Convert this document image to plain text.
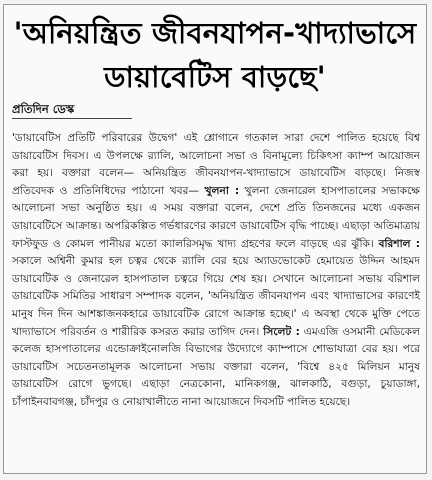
'অনিয়ন্ত্রিত জীবনযাপন-খাদ্যাভাসে
ডায়াবেটিস বাড়ছে'
প্রতিদিন ডেস্ক

'ডায়াবেটিস প্রতিটি পরিবারের উদ্বেগ' এই শ্লোগানে গতকাল সারা দেশে পালিত হয়েছে বিশ্ব ডায়াবেটিস দিবস। এ উপলক্ষে র‍্যালি, আলোচনা সভা ও বিনামূল্যে চিকিৎসা ক্যাম্প আয়োজন করা হয়। বক্তারা বলেন— অনিয়ন্ত্রিত জীবনযাপন-খাদ্যাভাসে ডায়াবেটিস বাড়ছে। নিজস্ব প্রতিবেদক ও প্রতিনিধিদের পাঠানো খবর— খুলনা : খুলনা জেনারেল হাসপাতালের সভাকক্ষে আলোচনা সভা অনুষ্ঠিত হয়। এ সময় বক্তারা বলেন, দেশে প্রতি তিনজনের মধ্যে একজন ডায়াবেটিসে আক্রান্ত। অপরিকল্পিত গর্ভধারণের কারণে ডায়াবেটিস বৃদ্ধি পাচ্ছে। এছাড়া অতিমাত্রায় ফাস্টফুড ও কোমল পানীয়র মতো ক্যালরিসমৃদ্ধ খাদ্য গ্রহণের ফলে বাড়ছে এর ঝুঁকি। বরিশাল : সকালে অশ্বিনী কুমার হল চত্বর থেকে র‍্যালি বের হয়ে অ্যাডভোকেট হেমায়েত উদ্দিন আহমদ ডায়াবেটিক ও জেনারেল হাসপাতাল চত্বরে গিয়ে শেষ হয়। সেখানে আলোচনা সভায় বরিশাল ডায়াবেটিক সমিতির সাধারণ সম্পাদক বলেন, 'অনিয়ন্ত্রিত জীবনযাপন এবং খাদ্যাভাসের কারণেই মানুষ দিন দিন আশঙ্কাজনকহারে ডায়াবেটিক রোগে আক্রান্ত হচ্ছে।' এ অবস্থা থেকে মুক্তি পেতে খাদ্যাভাসে পরিবর্তন ও শারীরিক কসরত করার তাগিদ দেন। সিলেট : এমএজি ওসমানী মেডিকেল কলেজ হাসপাতালের এন্ডোক্রাইনোলজি বিভাগের উদ্যোগে ক্যাম্পাসে শোভাযাত্রা বের হয়। পরে ডায়াবেটিস সচেতনতামূলক আলোচনা সভায় বক্তারা বলেন, 'বিশ্বে ৪২৫ মিলিয়ন মানুষ ডায়াবেটিস রোগে ভুগছে। এছাড়া নেত্রকোনা, মানিকগঞ্জ, ঝালকাঠি, বগুড়া, চুয়াডাঙ্গা, চাঁপাইনবাবগঞ্জ, চাঁদপুর ও নোয়াখালীতে নানা আয়োজনে দিবসটি পালিত হয়েছে।
